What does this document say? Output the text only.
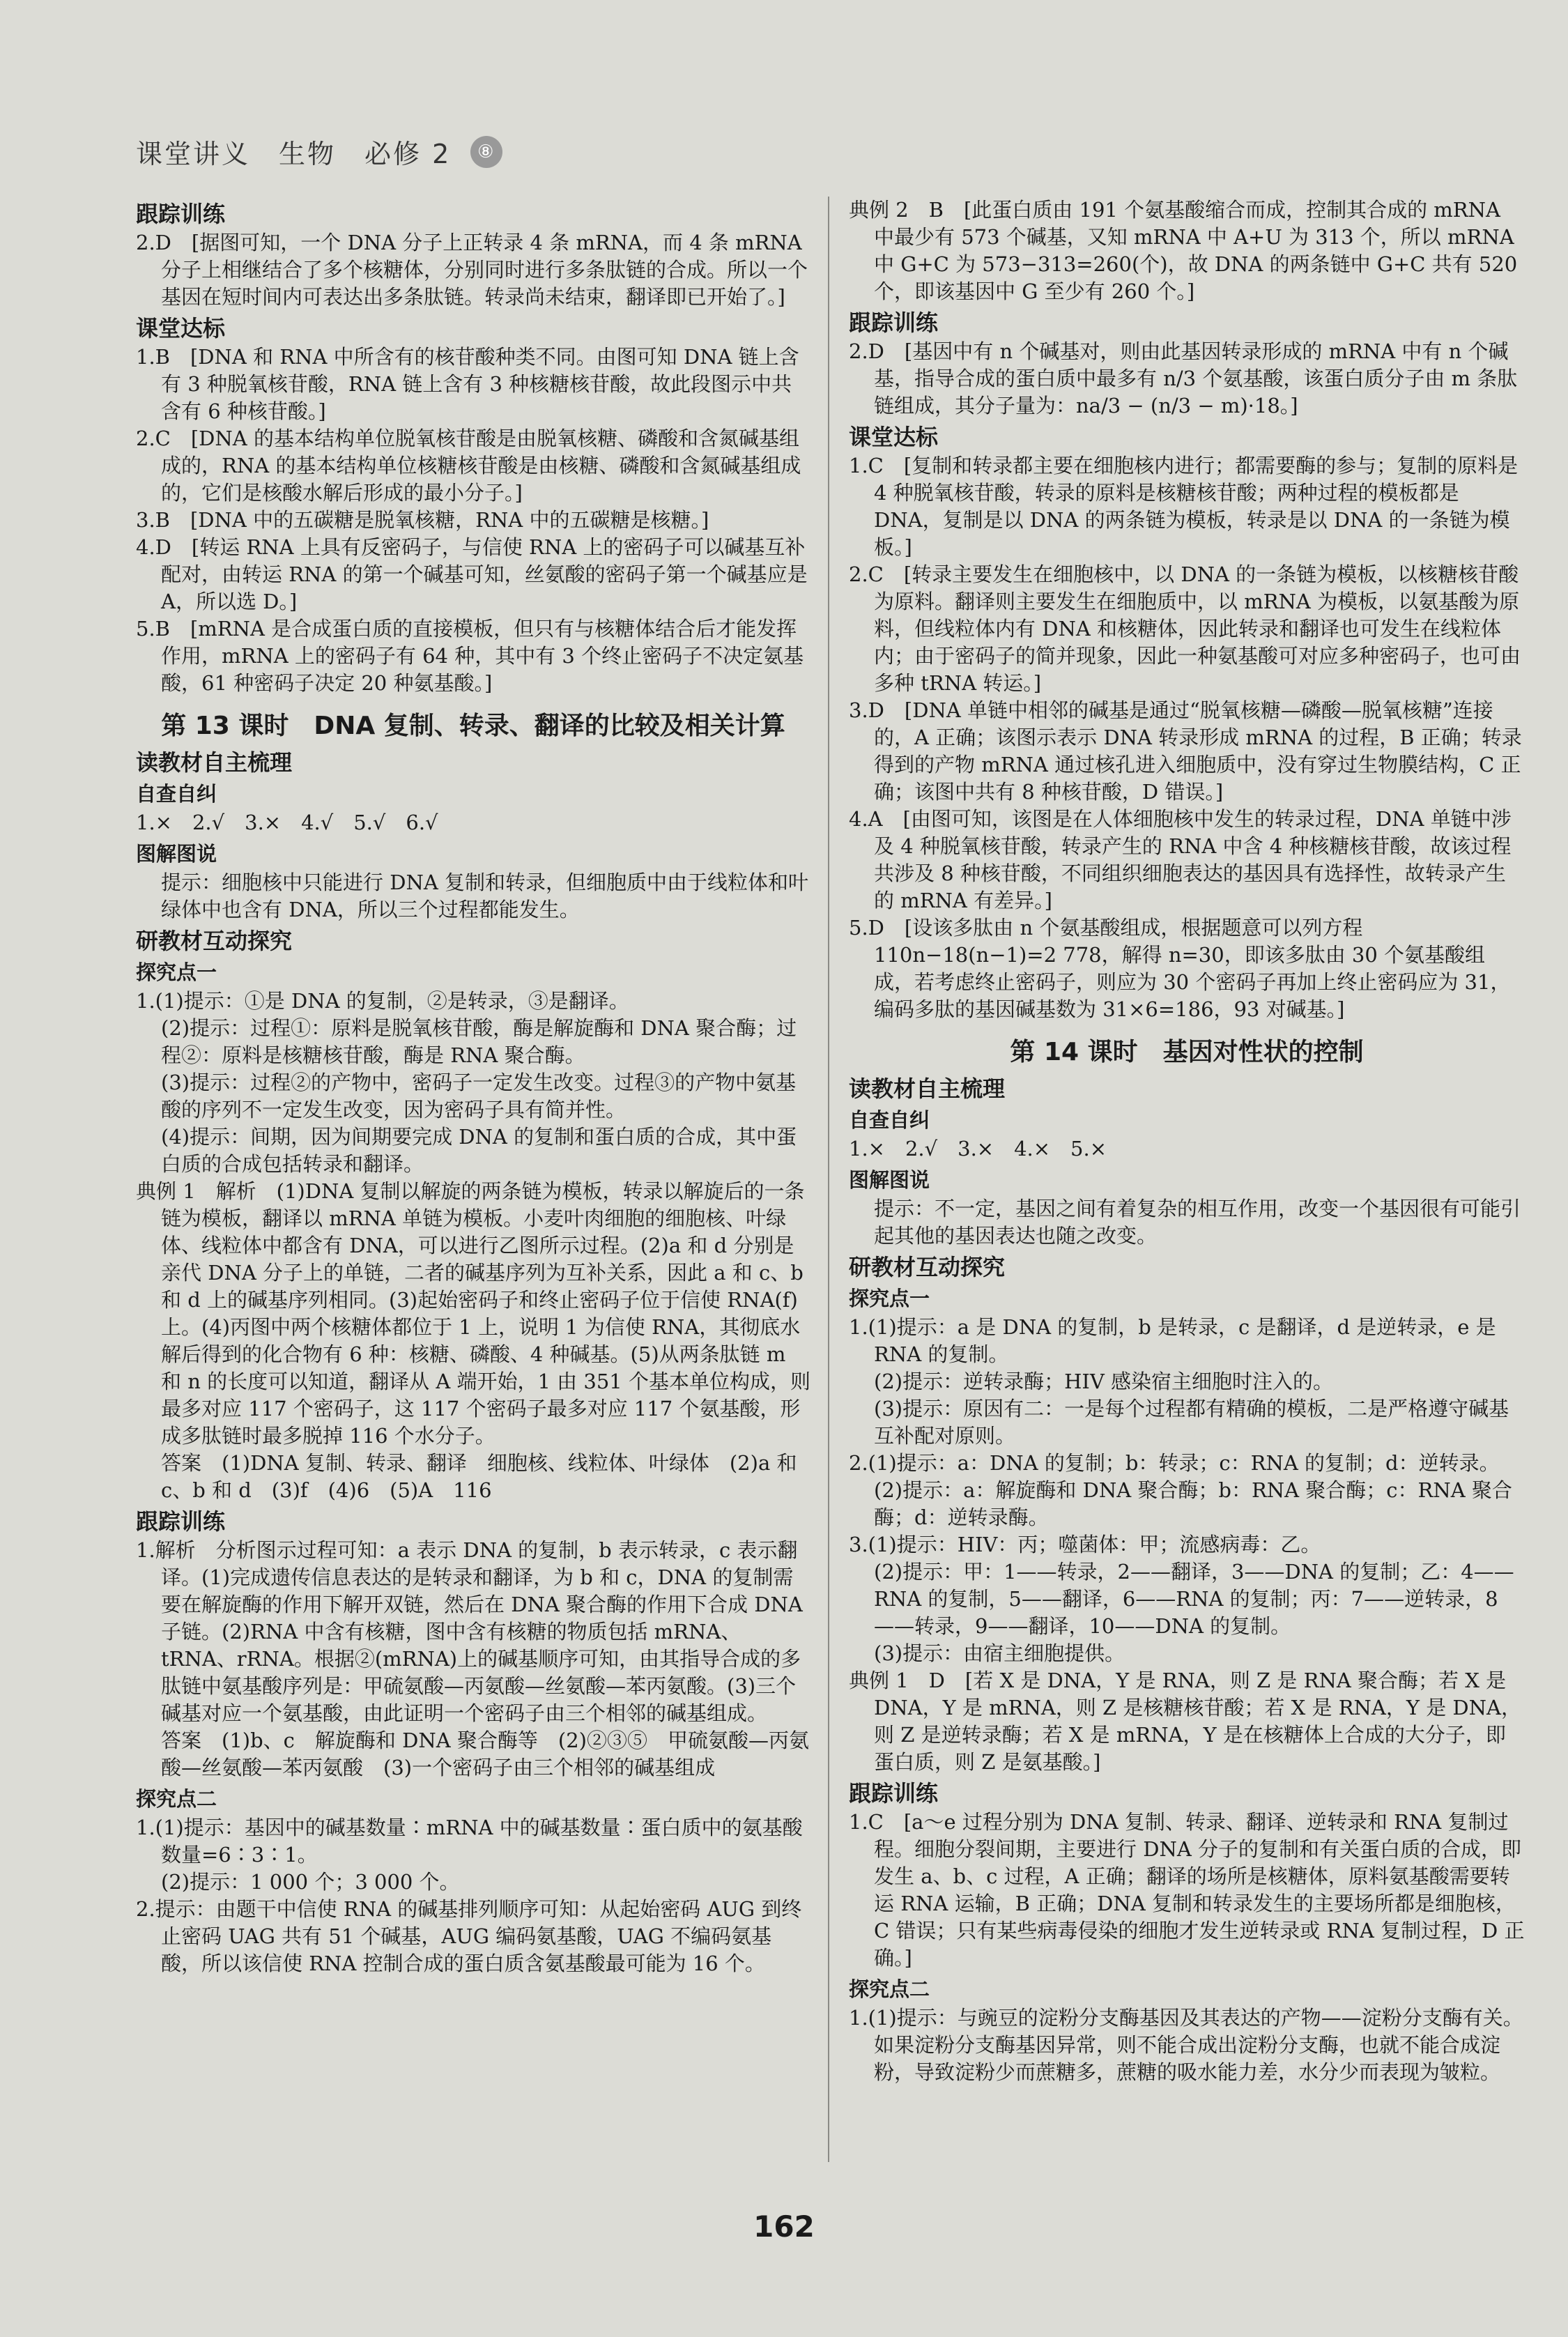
课堂讲义　生物　必修 2	⑧
跟踪训练
2.D　[据图可知，一个 DNA 分子上正转录 4 条 mRNA，而 4 条 mRNA 分子上相继结合了多个核糖体，分别同时进行多条肽链的合成。所以一个基因在短时间内可表达出多条肽链。转录尚未结束，翻译即已开始了。]
课堂达标
1.B　[DNA 和 RNA 中所含有的核苷酸种类不同。由图可知 DNA 链上含有 3 种脱氧核苷酸，RNA 链上含有 3 种核糖核苷酸，故此段图示中共含有 6 种核苷酸。]
2.C　[DNA 的基本结构单位脱氧核苷酸是由脱氧核糖、磷酸和含氮碱基组成的，RNA 的基本结构单位核糖核苷酸是由核糖、磷酸和含氮碱基组成的，它们是核酸水解后形成的最小分子。]
3.B　[DNA 中的五碳糖是脱氧核糖，RNA 中的五碳糖是核糖。]
4.D　[转运 RNA 上具有反密码子，与信使 RNA 上的密码子可以碱基互补配对，由转运 RNA 的第一个碱基可知，丝氨酸的密码子第一个碱基应是 A，所以选 D。]
5.B　[mRNA 是合成蛋白质的直接模板，但只有与核糖体结合后才能发挥作用，mRNA 上的密码子有 64 种，其中有 3 个终止密码子不决定氨基酸，61 种密码子决定 20 种氨基酸。]
第 13 课时　DNA 复制、转录、翻译的比较及相关计算
读教材自主梳理
自查自纠
1.×　2.√　3.×　4.√　5.√　6.√
图解图说
提示：细胞核中只能进行 DNA 复制和转录，但细胞质中由于线粒体和叶绿体中也含有 DNA，所以三个过程都能发生。
研教材互动探究
探究点一
1.(1)提示：①是 DNA 的复制，②是转录，③是翻译。
(2)提示：过程①：原料是脱氧核苷酸，酶是解旋酶和 DNA 聚合酶；过程②：原料是核糖核苷酸，酶是 RNA 聚合酶。
(3)提示：过程②的产物中，密码子一定发生改变。过程③的产物中氨基酸的序列不一定发生改变，因为密码子具有简并性。
(4)提示：间期，因为间期要完成 DNA 的复制和蛋白质的合成，其中蛋白质的合成包括转录和翻译。
典例 1　解析　(1)DNA 复制以解旋的两条链为模板，转录以解旋后的一条链为模板，翻译以 mRNA 单链为模板。小麦叶肉细胞的细胞核、叶绿体、线粒体中都含有 DNA，可以进行乙图所示过程。(2)a 和 d 分别是亲代 DNA 分子上的单链，二者的碱基序列为互补关系，因此 a 和 c、b 和 d 上的碱基序列相同。(3)起始密码子和终止密码子位于信使 RNA(f)上。(4)丙图中两个核糖体都位于 1 上，说明 1 为信使 RNA，其彻底水解后得到的化合物有 6 种：核糖、磷酸、4 种碱基。(5)从两条肽链 m 和 n 的长度可以知道，翻译从 A 端开始，1 由 351 个基本单位构成，则最多对应 117 个密码子，这 117 个密码子最多对应 117 个氨基酸，形成多肽链时最多脱掉 116 个水分子。
答案　(1)DNA 复制、转录、翻译　细胞核、线粒体、叶绿体　(2)a 和 c、b 和 d　(3)f　(4)6　(5)A　116
跟踪训练
1.解析　分析图示过程可知：a 表示 DNA 的复制，b 表示转录，c 表示翻译。(1)完成遗传信息表达的是转录和翻译，为 b 和 c，DNA 的复制需要在解旋酶的作用下解开双链，然后在 DNA 聚合酶的作用下合成 DNA 子链。(2)RNA 中含有核糖，图中含有核糖的物质包括 mRNA、tRNA、rRNA。根据②(mRNA)上的碱基顺序可知，由其指导合成的多肽链中氨基酸序列是：甲硫氨酸—丙氨酸—丝氨酸—苯丙氨酸。(3)三个碱基对应一个氨基酸，由此证明一个密码子由三个相邻的碱基组成。
答案　(1)b、c　解旋酶和 DNA 聚合酶等　(2)②③⑤　甲硫氨酸—丙氨酸—丝氨酸—苯丙氨酸　(3)一个密码子由三个相邻的碱基组成
探究点二
1.(1)提示：基因中的碱基数量∶mRNA 中的碱基数量∶蛋白质中的氨基酸数量=6∶3∶1。
(2)提示：1 000 个；3 000 个。
2.提示：由题干中信使 RNA 的碱基排列顺序可知：从起始密码 AUG 到终止密码 UAG 共有 51 个碱基，AUG 编码氨基酸，UAG 不编码氨基酸，所以该信使 RNA 控制合成的蛋白质含氨基酸最可能为 16 个。
典例 2　B　[此蛋白质由 191 个氨基酸缩合而成，控制其合成的 mRNA 中最少有 573 个碱基，又知 mRNA 中 A+U 为 313 个，所以 mRNA 中 G+C 为 573−313=260(个)，故 DNA 的两条链中 G+C 共有 520 个，即该基因中 G 至少有 260 个。]
跟踪训练
2.D　[基因中有 n 个碱基对，则由此基因转录形成的 mRNA 中有 n 个碱基，指导合成的蛋白质中最多有 n/3 个氨基酸，该蛋白质分子由 m 条肽链组成，其分子量为：na/3 − (n/3 − m)·18。]
课堂达标
1.C　[复制和转录都主要在细胞核内进行；都需要酶的参与；复制的原料是 4 种脱氧核苷酸，转录的原料是核糖核苷酸；两种过程的模板都是 DNA，复制是以 DNA 的两条链为模板，转录是以 DNA 的一条链为模板。]
2.C　[转录主要发生在细胞核中，以 DNA 的一条链为模板，以核糖核苷酸为原料。翻译则主要发生在细胞质中，以 mRNA 为模板，以氨基酸为原料，但线粒体内有 DNA 和核糖体，因此转录和翻译也可发生在线粒体内；由于密码子的简并现象，因此一种氨基酸可对应多种密码子，也可由多种 tRNA 转运。]
3.D　[DNA 单链中相邻的碱基是通过“脱氧核糖—磷酸—脱氧核糖”连接的，A 正确；该图示表示 DNA 转录形成 mRNA 的过程，B 正确；转录得到的产物 mRNA 通过核孔进入细胞质中，没有穿过生物膜结构，C 正确；该图中共有 8 种核苷酸，D 错误。]
4.A　[由图可知，该图是在人体细胞核中发生的转录过程，DNA 单链中涉及 4 种脱氧核苷酸，转录产生的 RNA 中含 4 种核糖核苷酸，故该过程共涉及 8 种核苷酸，不同组织细胞表达的基因具有选择性，故转录产生的 mRNA 有差异。]
5.D　[设该多肽由 n 个氨基酸组成，根据题意可以列方程 110n−18(n−1)=2 778，解得 n=30，即该多肽由 30 个氨基酸组成，若考虑终止密码子，则应为 30 个密码子再加上终止密码应为 31，编码多肽的基因碱基数为 31×6=186，93 对碱基。]
第 14 课时　基因对性状的控制
读教材自主梳理
自查自纠
1.×　2.√　3.×　4.×　5.×
图解图说
提示：不一定，基因之间有着复杂的相互作用，改变一个基因很有可能引起其他的基因表达也随之改变。
研教材互动探究
探究点一
1.(1)提示：a 是 DNA 的复制，b 是转录，c 是翻译，d 是逆转录，e 是 RNA 的复制。
(2)提示：逆转录酶；HIV 感染宿主细胞时注入的。
(3)提示：原因有二：一是每个过程都有精确的模板，二是严格遵守碱基互补配对原则。
2.(1)提示：a：DNA 的复制；b：转录；c：RNA 的复制；d：逆转录。
(2)提示：a：解旋酶和 DNA 聚合酶；b：RNA 聚合酶；c：RNA 聚合酶；d：逆转录酶。
3.(1)提示：HIV：丙；噬菌体：甲；流感病毒：乙。
(2)提示：甲：1——转录，2——翻译，3——DNA 的复制；乙：4——RNA 的复制，5——翻译，6——RNA 的复制；丙：7——逆转录，8——转录，9——翻译，10——DNA 的复制。
(3)提示：由宿主细胞提供。
典例 1　D　[若 X 是 DNA，Y 是 RNA，则 Z 是 RNA 聚合酶；若 X 是 DNA，Y 是 mRNA，则 Z 是核糖核苷酸；若 X 是 RNA，Y 是 DNA，则 Z 是逆转录酶；若 X 是 mRNA，Y 是在核糖体上合成的大分子，即蛋白质，则 Z 是氨基酸。]
跟踪训练
1.C　[a～e 过程分别为 DNA 复制、转录、翻译、逆转录和 RNA 复制过程。细胞分裂间期，主要进行 DNA 分子的复制和有关蛋白质的合成，即发生 a、b、c 过程，A 正确；翻译的场所是核糖体，原料氨基酸需要转运 RNA 运输，B 正确；DNA 复制和转录发生的主要场所都是细胞核，C 错误；只有某些病毒侵染的细胞才发生逆转录或 RNA 复制过程，D 正确。]
探究点二
1.(1)提示：与豌豆的淀粉分支酶基因及其表达的产物——淀粉分支酶有关。如果淀粉分支酶基因异常，则不能合成出淀粉分支酶，也就不能合成淀粉，导致淀粉少而蔗糖多，蔗糖的吸水能力差，水分少而表现为皱粒。
162
